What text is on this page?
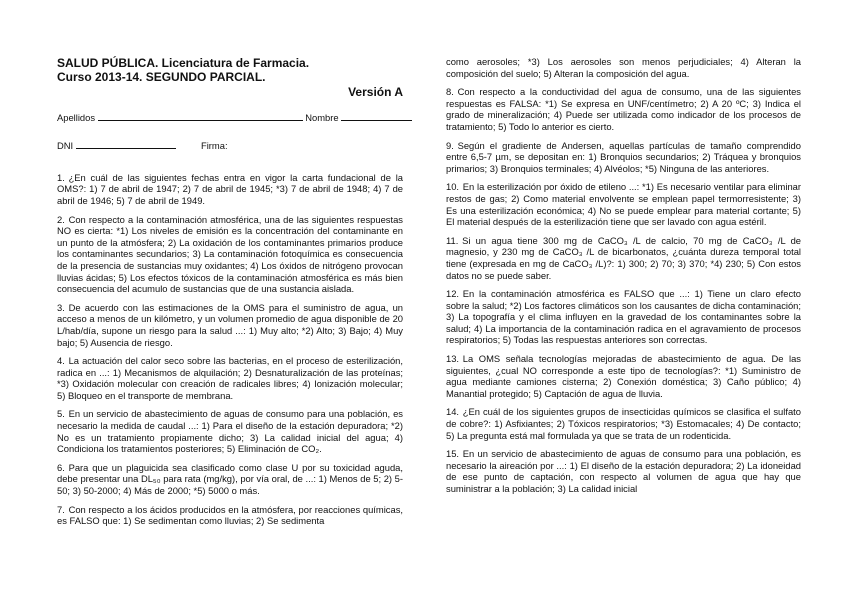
SALUD PÚBLICA. Licenciatura de Farmacia.
Curso 2013-14. SEGUNDO PARCIAL.
Versión A
Apellidos	Nombre
DNI	Firma:

1. ¿En cuál de las siguientes fechas entra en vigor la carta fundacional de la OMS?: 1) 7 de abril de 1947; 2) 7 de abril de 1945; *3) 7 de abril de 1948; 4) 7 de abril de 1946; 5) 7 de abril de 1949.

2. Con respecto a la contaminación atmosférica, una de las siguientes respuestas NO es cierta: *1) Los niveles de emisión es la concentración del contaminante en un punto de la atmósfera; 2) La oxidación de los contaminantes primarios produce los contaminantes secundarios; 3) La contaminación fotoquímica es consecuencia de la presencia de sustancias muy oxidantes; 4) Los óxidos de nitrógeno provocan lluvias ácidas; 5) Los efectos tóxicos de la contaminación atmosférica es más bien consecuencia del acumulo de sustancias que de una sustancia aislada.

3. De acuerdo con las estimaciones de la OMS para el suministro de agua, un acceso a menos de un kilómetro, y un volumen promedio de agua disponible de 20 L/hab/día, supone un riesgo para la salud ...: 1) Muy alto; *2) Alto; 3) Bajo; 4) Muy bajo; 5) Ausencia de riesgo.

4. La actuación del calor seco sobre las bacterias, en el proceso de esterilización, radica en ...: 1) Mecanismos de alquilación; 2) Desnaturalización de las proteínas; *3) Oxidación molecular con creación de radicales libres; 4) Ionización molecular; 5) Bloqueo en el transporte de membrana.

5. En un servicio de abastecimiento de aguas de consumo para una población, es necesario la medida de caudal ...: 1) Para el diseño de la estación depuradora; *2) No es un tratamiento propiamente dicho; 3) La calidad inicial del agua; 4) Condiciona los tratamientos posteriores; 5) Eliminación de CO₂.

6. Para que un plaguicida sea clasificado como clase U por su toxicidad aguda, debe presentar una DL₅₀ para rata (mg/kg), por vía oral, de ...: 1) Menos de 5; 2) 5-50; 3) 50-2000; 4) Más de 2000; *5) 5000 o más.

7. Con respecto a los ácidos producidos en la atmósfera, por reacciones químicas, es FALSO que: 1) Se sedimentan como lluvias; 2) Se sedimenta

como aerosoles; *3) Los aerosoles son menos perjudiciales; 4) Alteran la composición del suelo; 5) Alteran la composición del agua.

8. Con respecto a la conductividad del agua de consumo, una de las siguientes respuestas es FALSA: *1) Se expresa en UNF/centímetro; 2) A 20 ºC; 3) Indica el grado de mineralización; 4) Puede ser utilizada como indicador de los procesos de tratamiento; 5) Todo lo anterior es cierto.

9. Según el gradiente de Andersen, aquellas partículas de tamaño comprendido entre 6,5-7 µm, se depositan en: 1) Bronquios secundarios; 2) Tráquea y bronquios primarios; 3) Bronquios terminales; 4) Alvéolos; *5) Ninguna de las anteriores.

10. En la esterilización por óxido de etileno ...: *1) Es necesario ventilar para eliminar restos de gas; 2) Como material envolvente se emplean papel termorresistente; 3) Es una esterilización económica; 4) No se puede emplear para material cortante; 5) El material después de la esterilización tiene que ser lavado con agua estéril.

11. Si un agua tiene 300 mg de CaCO₃ /L de calcio, 70 mg de CaCO₃ /L de magnesio, y 230 mg de CaCO₃ /L de bicarbonatos, ¿cuánta dureza temporal total tiene (expresada en mg de CaCO₃ /L)?: 1) 300; 2) 70; 3) 370; *4) 230; 5) Con estos datos no se puede saber.

12. En la contaminación atmosférica es FALSO que ...: 1) Tiene un claro efecto sobre la salud; *2) Los factores climáticos son los causantes de dicha contaminación; 3) La topografía y el clima influyen en la gravedad de los contaminantes sobre la salud; 4) La importancia de la contaminación radica en el agravamiento de procesos respiratorios; 5) Todas las respuestas anteriores son correctas.

13. La OMS señala tecnologías mejoradas de abastecimiento de agua. De las siguientes, ¿cual NO corresponde a este tipo de tecnologías?: *1) Suministro de agua mediante camiones cisterna; 2) Conexión doméstica; 3) Caño público; 4) Manantial protegido; 5) Captación de agua de lluvia.

14. ¿En cuál de los siguientes grupos de insecticidas químicos se clasifica el sulfato de cobre?: 1) Asfixiantes; 2) Tóxicos respiratorios; *3) Estomacales; 4) De contacto; 5) La pregunta está mal formulada ya que se trata de un rodenticida.

15. En un servicio de abastecimiento de aguas de consumo para una población, es necesario la aireación por ...: 1) El diseño de la estación depuradora; 2) La idoneidad de ese punto de captación, con respecto al volumen de agua que hay que suministrar a la población; 3) La calidad inicial
